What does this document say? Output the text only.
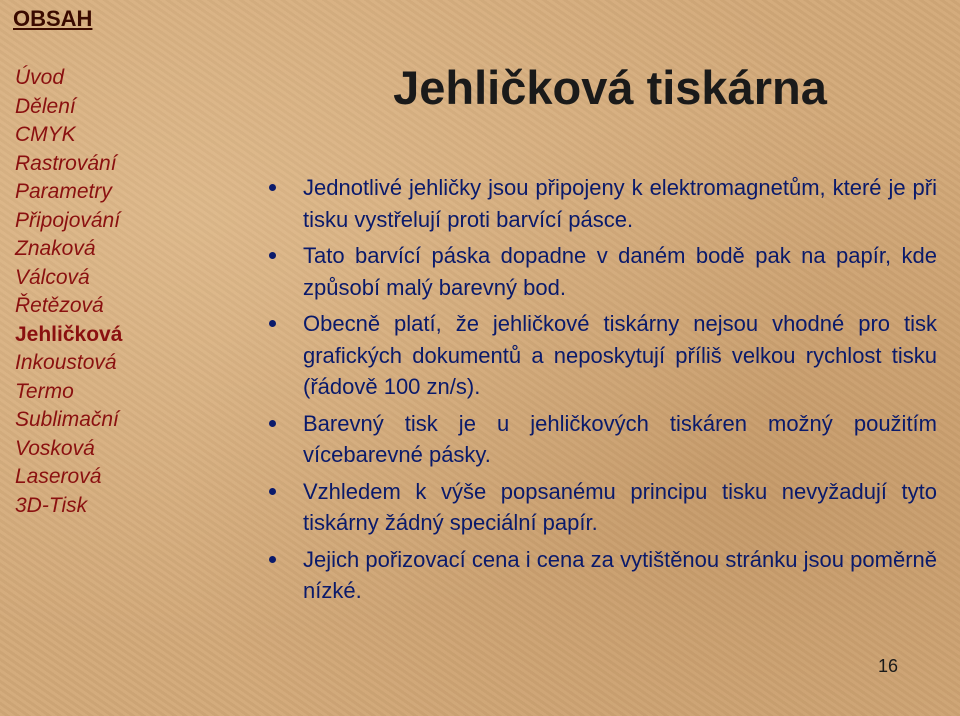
OBSAH
Úvod
Dělení
CMYK
Rastrování
Parametry
Připojování
Znaková
Válcová
Řetězová
Jehličková
Inkoustová
Termo
Sublimační
Vosková
Laserová
3D-Tisk
Jehličková tiskárna
Jednotlivé jehličky jsou připojeny k elektromagnetům, které je při tisku vystřelují proti barvící pásce.
Tato barvící páska dopadne v daném bodě pak na papír, kde způsobí malý barevný bod.
Obecně platí, že jehličkové tiskárny nejsou vhodné pro tisk grafických dokumentů a neposkytují příliš velkou rychlost tisku (řádově 100 zn/s).
Barevný tisk je u jehličkových tiskáren možný použitím vícebarevné pásky.
Vzhledem k výše popsanému principu tisku nevyžadují tyto tiskárny žádný speciální papír.
Jejich pořizovací cena i cena za vytištěnou stránku jsou poměrně nízké.
16
